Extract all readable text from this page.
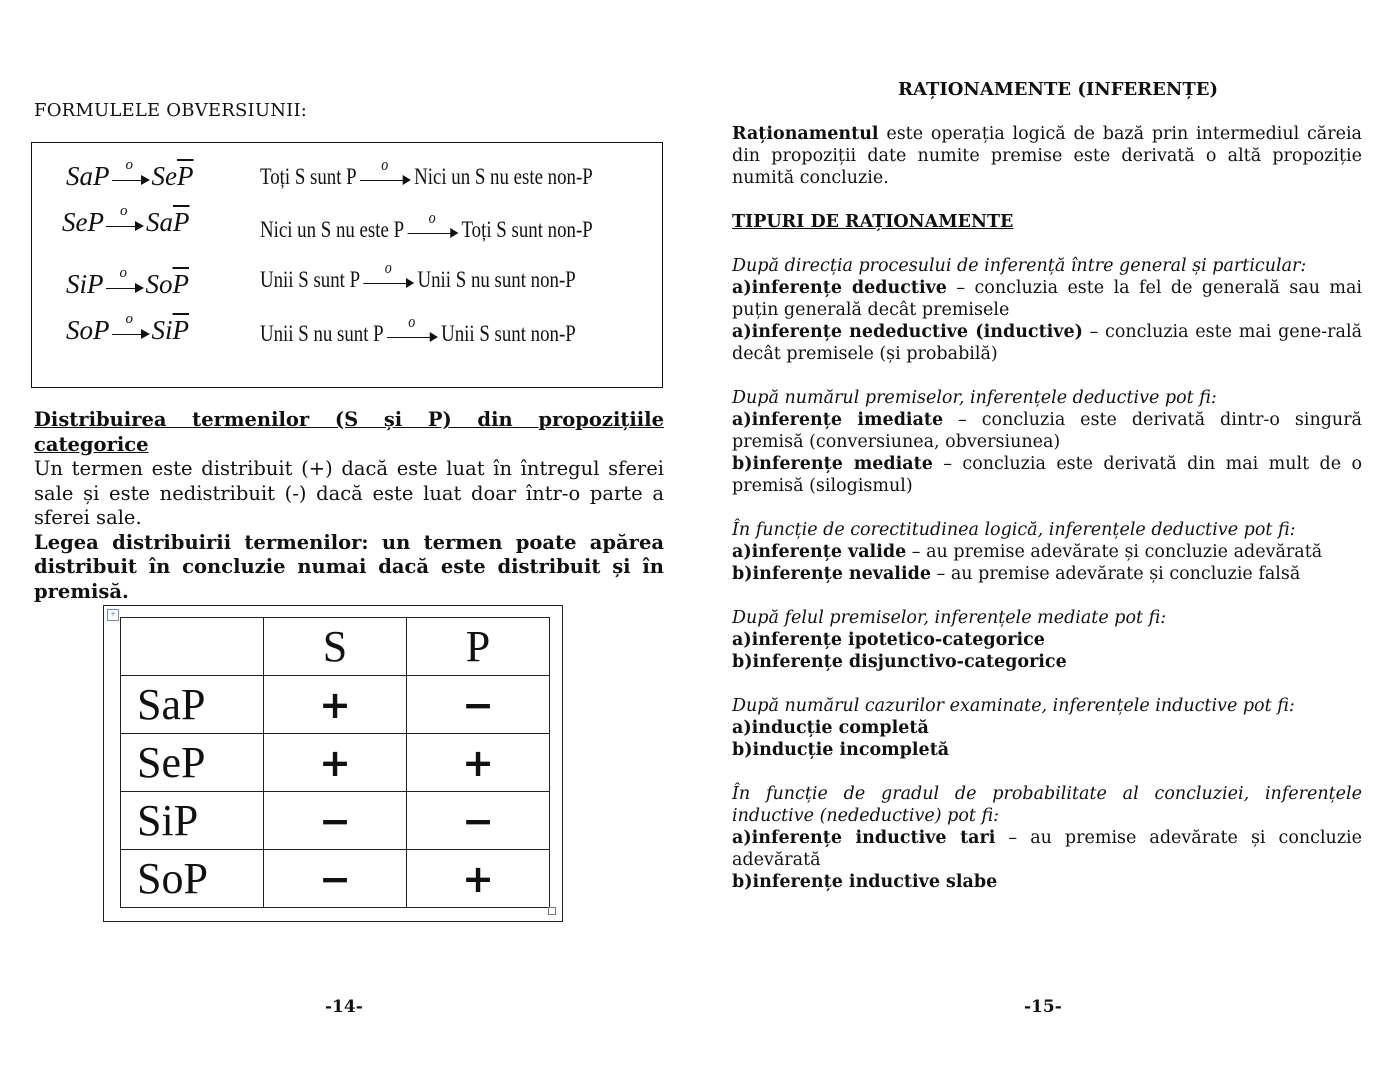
FORMULELE OBVERSIUNII:
SaP o $Se\overline{P}$	Toți S sunt P o Nici un S nu este non-P
SeP o $Sa\overline{P}$	Nici un S nu este P o Toți S sunt non-P
SiP o $So\overline{P}$	Unii S sunt P o Unii S nu sunt non-P
SoP o $Si\overline{P}$	Unii S nu sunt P o Unii S sunt non-P
Distribuirea termenilor (S și P) din propozițiile categorice
Un termen este distribuit (+) dacă este luat în întregul sferei sale și este nedistribuit (-) dacă este luat doar într-o parte a sferei sale.
Legea distribuirii termenilor: un termen poate apărea distribuit în concluzie numai dacă este distribuit și în premisă.
+
	S	P
SaP	+	−
SeP	+	+
SiP	−	−
SoP	−	+
-14-
RAȚIONAMENTE (INFERENȚE)

Raționamentul este operația logică de bază prin intermediul căreia din propoziții date numite premise este derivată o altă propoziție numită concluzie.

TIPURI DE RAȚIONAMENTE

După direcția procesului de inferență între general și particular:

a)inferențe deductive – concluzia este la fel de generală sau mai puțin generală decât premisele

a)inferențe nedeductive (inductive) – concluzia este mai gene-rală decât premisele (și probabilă)

După numărul premiselor, inferențele deductive pot fi:

a)inferențe imediate – concluzia este derivată dintr-o singură premisă (conversiunea, obversiunea)

b)inferențe mediate – concluzia este derivată din mai mult de o premisă (silogismul)

În funcție de corectitudinea logică, inferențele deductive pot fi:

a)inferențe valide – au premise adevărate și concluzie adevărată

b)inferențe nevalide – au premise adevărate și concluzie falsă

După felul premiselor, inferențele mediate pot fi:

a)inferențe ipotetico-categorice

b)inferențe disjunctivo-categorice

După numărul cazurilor examinate, inferențele inductive pot fi:

a)inducție completă

b)inducție incompletă

În funcție de gradul de probabilitate al concluziei, inferențele inductive (nedeductive) pot fi:

a)inferențe inductive tari – au premise adevărate și concluzie adevărată

b)inferențe inductive slabe

-15-
